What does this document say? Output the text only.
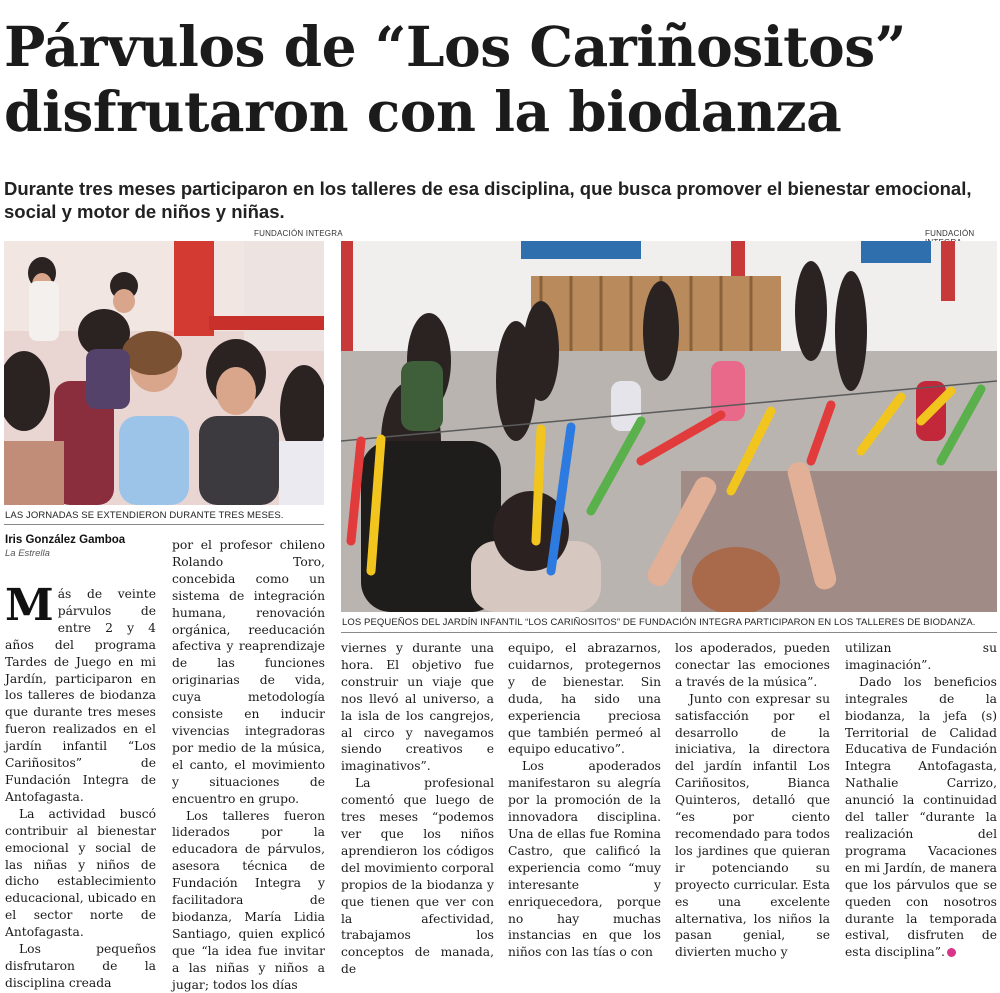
Párvulos de “Los Cariñositos”
disfrutaron con la biodanza

Durante tres meses participaron en los talleres de esa disciplina, que busca promover el bienestar emocional, social y motor de niños y niñas.

FUNDACIÓN INTEGRA
LAS JORNADAS SE EXTENDIERON DURANTE TRES MESES.
FUNDACIÓN
LOS PEQUEÑOS DEL JARDÍN INFANTIL “LOS CARIÑOSITOS” DE FUNDACIÓN INTEGRA PARTICIPARON EN LOS TALLERES DE BIODANZA.
Iris González Gamboa
La Estrella

Más de veinte párvulos de entre 2 y 4 años del programa Tardes de Juego en mi Jardín, participaron en los talleres de biodanza que durante tres meses fueron realizados en el jardín infantil “Los Cariñositos” de Fundación Integra de Antofagasta.

La actividad buscó contribuir al bienestar emocional y social de las niñas y niños de dicho establecimiento educacional, ubicado en el sector norte de Antofagasta.

Los pequeños disfrutaron de la disciplina creada

por el profesor chileno Rolando Toro, concebida como un sistema de integración humana, renovación orgánica, reeducación afectiva y reaprendizaje de las funciones originarias de vida, cuya metodología consiste en inducir vivencias integradoras por medio de la música, el canto, el movimiento y situaciones de encuentro en grupo.

Los talleres fueron liderados por la educadora de párvulos, asesora técnica de Fundación Integra y facilitadora de biodanza, María Lidia Santiago, quien explicó que “la idea fue invitar a las niñas y niños a jugar; todos los días

viernes y durante una hora. El objetivo fue construir un viaje que nos llevó al universo, a la isla de los cangrejos, al circo y navegamos siendo creativos e imaginativos”.

La profesional comentó que luego de tres meses “podemos ver que los niños aprendieron los códigos del movimiento corporal propios de la biodanza y que tienen que ver con la afectividad, trabajamos los conceptos de manada, de

equipo, el abrazarnos, cuidarnos, protegernos y de bienestar. Sin duda, ha sido una experiencia preciosa que también permeó al equipo educativo”.

Los apoderados manifestaron su alegría por la promoción de la innovadora disciplina. Una de ellas fue Romina Castro, que calificó la experiencia como “muy interesante y enriquecedora, porque no hay muchas instancias en que los niños con las tías o con

los apoderados, pueden conectar las emociones a través de la música”.

Junto con expresar su satisfacción por el desarrollo de la iniciativa, la directora del jardín infantil Los Cariñositos, Bianca Quinteros, detalló que “es por ciento recomendado para todos los jardines que quieran ir potenciando su proyecto curricular. Esta es una excelente alternativa, los niños la pasan genial, se divierten mucho y

utilizan su imaginación”.

Dado los beneficios integrales de la biodanza, la jefa (s) Territorial de Calidad Educativa de Fundación Integra Antofagasta, Nathalie Carrizo, anunció la continuidad del taller “durante la realización del programa Vacaciones en mi Jardín, de manera que los párvulos que se queden con nosotros durante la temporada estival, disfruten de esta disciplina”.
